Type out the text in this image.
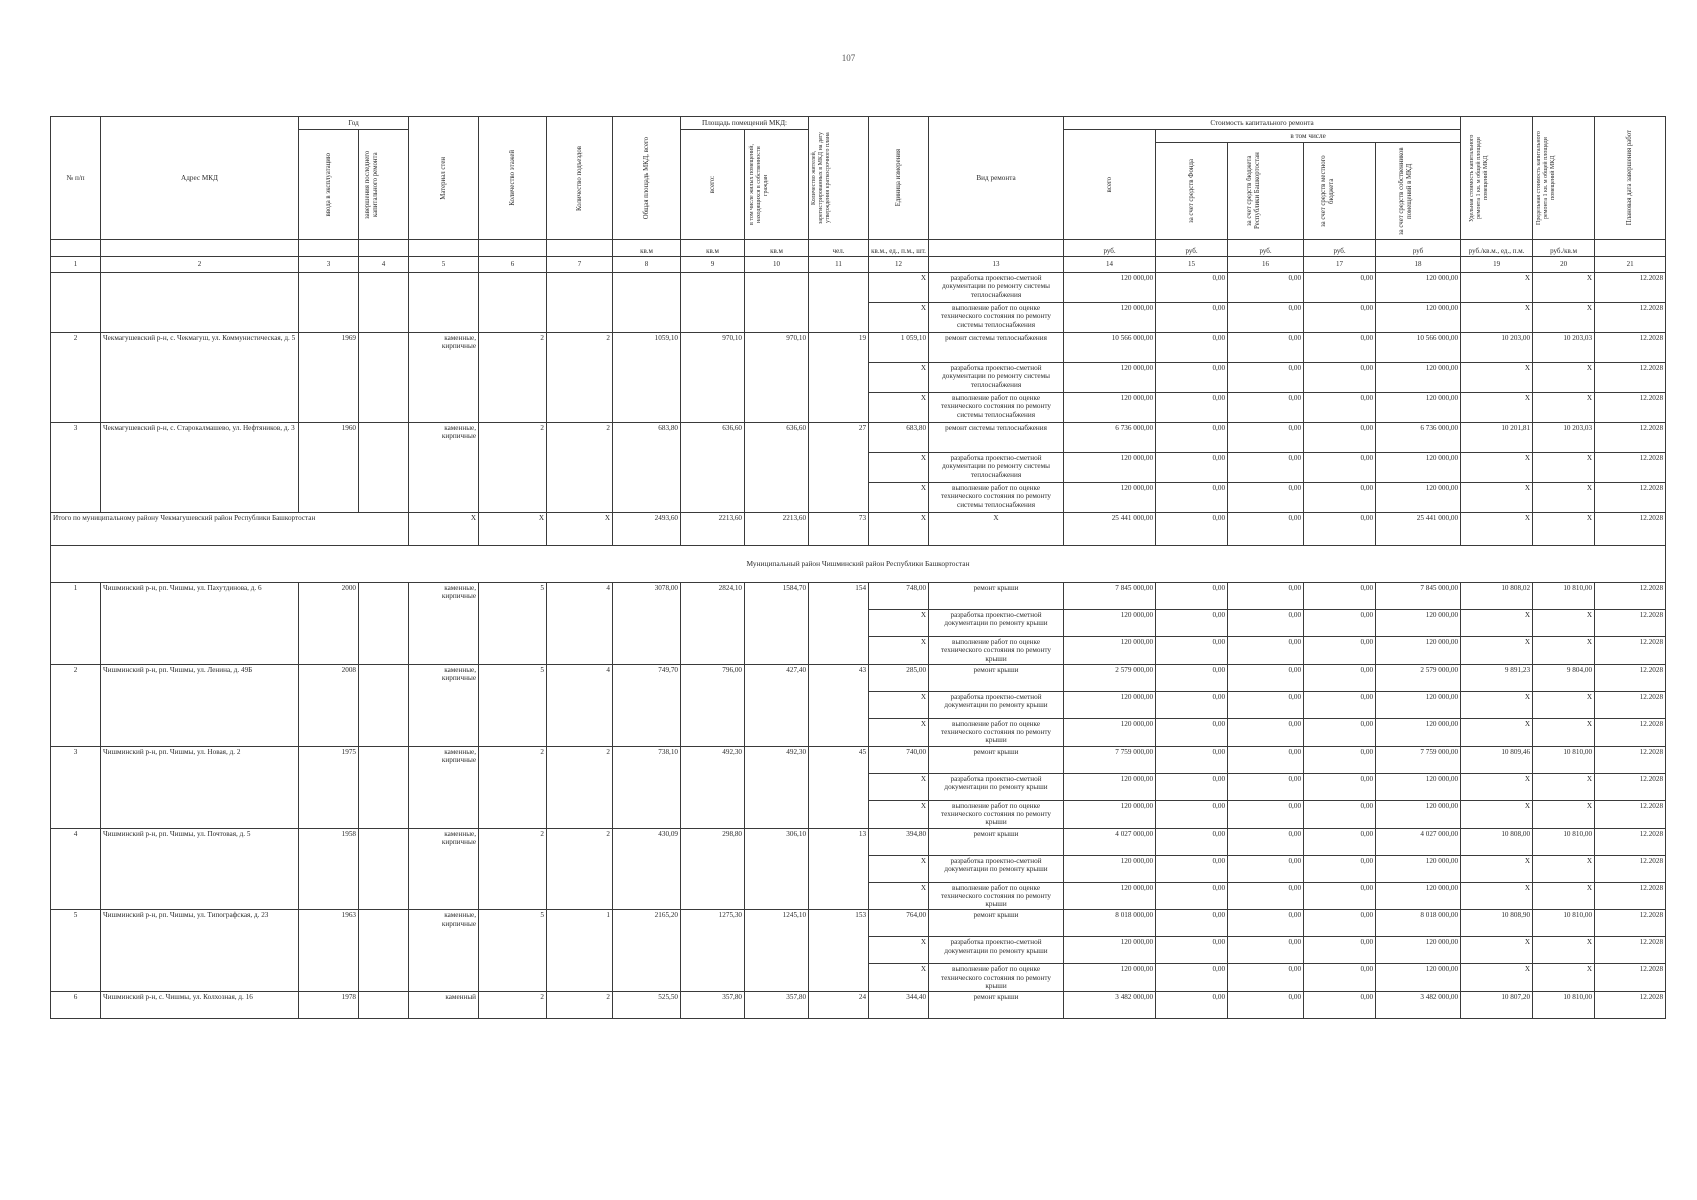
107
№ п/п	Адрес МКД	Год		Материал стен	Количество этажей	Количество подъездов	Общая площадь МКД, всего	Площадь помещений МКД:		Количество жителей, зарегистрированных в МКД на дату утверждения краткосрочного плана	Единица измерения	Вид ремонта	Стоимость капитального ремонта					Удельная стоимость капитального ремонта 1 кв. м общей площади помещений МКД	Предельная стоимость капитального ремонта 1 кв. м общей площади помещений МКД	Плановая дата завершения работ

		ввода в эксплуатацию	завершения последнего капитального ремонта					всего:	в том числе жилых помещений, находящихся в собственности граждан				всего	в том числе						

														за счет средств Фонда	за счет средств бюджета Республики Башкортостан	за счет средств местного бюджета	за счет средств собственников помещений в МКД			

							кв.м	кв.м	кв.м	чел.	кв.м., ед., п.м., шт.		руб.	руб.	руб.	руб.	руб	руб./кв.м., ед., п.м.	руб./кв.м	
1	2	3	4	5	6	7	8	9	10	11	12	13	14	15	16	17	18	19	20	21
											X	разработка проектно-сметной документации по ремонту системы теплоснабжения	120 000,00	0,00	0,00	0,00	120 000,00	X	X	12.2028
											X	выполнение работ по оценке технического состояния по ремонту системы теплоснабжения	120 000,00	0,00	0,00	0,00	120 000,00	X	X	12.2028
2	Чекмагушевский р-н, с. Чекмагуш, ул. Коммунистическая, д. 5	1969		каменные, кирпичные	2	2	1059,10	970,10	970,10	19	1 059,10	ремонт системы теплоснабжения	10 566 000,00	0,00	0,00	0,00	10 566 000,00	10 203,00	10 203,03	12.2028
											X	разработка проектно-сметной документации по ремонту системы теплоснабжения	120 000,00	0,00	0,00	0,00	120 000,00	X	X	12.2028
											X	выполнение работ по оценке технического состояния по ремонту системы теплоснабжения	120 000,00	0,00	0,00	0,00	120 000,00	X	X	12.2028
3	Чекмагушевский р-н, с. Старокалмашево, ул. Нефтяников, д. 3	1960		каменные, кирпичные	2	2	683,80	636,60	636,60	27	683,80	ремонт системы теплоснабжения	6 736 000,00	0,00	0,00	0,00	6 736 000,00	10 201,81	10 203,03	12.2028
											X	разработка проектно-сметной документации по ремонту системы теплоснабжения	120 000,00	0,00	0,00	0,00	120 000,00	X	X	12.2028
											X	выполнение работ по оценке технического состояния по ремонту системы теплоснабжения	120 000,00	0,00	0,00	0,00	120 000,00	X	X	12.2028
Итого по муниципальному району Чекмагушевский район Республики Башкортостан				X	X	X	2493,60	2213,60	2213,60	73	X	X	25 441 000,00	0,00	0,00	0,00	25 441 000,00	X	X	12.2028
Муниципальный район Чишминский район Республики Башкортостан																				
1	Чишминский р-н, рп. Чишмы, ул. Пахутдинова, д. 6	2000		каменные, кирпичные	5	4	3078,00	2824,10	1584,70	154	748,00	ремонт крыши	7 845 000,00	0,00	0,00	0,00	7 845 000,00	10 808,02	10 810,00	12.2028
											X	разработка проектно-сметной документации по ремонту крыши	120 000,00	0,00	0,00	0,00	120 000,00	X	X	12.2028
											X	выполнение работ по оценке технического состояния по ремонту крыши	120 000,00	0,00	0,00	0,00	120 000,00	X	X	12.2028
2	Чишминский р-н, рп. Чишмы, ул. Ленина, д. 49Б	2008		каменные, кирпичные	5	4	749,70	796,00	427,40	43	285,00	ремонт крыши	2 579 000,00	0,00	0,00	0,00	2 579 000,00	9 891,23	9 804,00	12.2028
											X	разработка проектно-сметной документации по ремонту крыши	120 000,00	0,00	0,00	0,00	120 000,00	X	X	12.2028
											X	выполнение работ по оценке технического состояния по ремонту крыши	120 000,00	0,00	0,00	0,00	120 000,00	X	X	12.2028
3	Чишминский р-н, рп. Чишмы, ул. Новая, д. 2	1975		каменные, кирпичные	2	2	738,10	492,30	492,30	45	740,00	ремонт крыши	7 759 000,00	0,00	0,00	0,00	7 759 000,00	10 809,46	10 810,00	12.2028
											X	разработка проектно-сметной документации по ремонту крыши	120 000,00	0,00	0,00	0,00	120 000,00	X	X	12.2028
											X	выполнение работ по оценке технического состояния по ремонту крыши	120 000,00	0,00	0,00	0,00	120 000,00	X	X	12.2028
4	Чишминский р-н, рп. Чишмы, ул. Почтовая, д. 5	1958		каменные, кирпичные	2	2	430,09	298,80	306,10	13	394,80	ремонт крыши	4 027 000,00	0,00	0,00	0,00	4 027 000,00	10 808,00	10 810,00	12.2028
											X	разработка проектно-сметной документации по ремонту крыши	120 000,00	0,00	0,00	0,00	120 000,00	X	X	12.2028
											X	выполнение работ по оценке технического состояния по ремонту крыши	120 000,00	0,00	0,00	0,00	120 000,00	X	X	12.2028
5	Чишминский р-н, рп. Чишмы, ул. Типографская, д. 23	1963		каменные, кирпичные	5	1	2165,20	1275,30	1245,10	153	764,00	ремонт крыши	8 018 000,00	0,00	0,00	0,00	8 018 000,00	10 808,90	10 810,00	12.2028
											X	разработка проектно-сметной документации по ремонту крыши	120 000,00	0,00	0,00	0,00	120 000,00	X	X	12.2028
											X	выполнение работ по оценке технического состояния по ремонту крыши	120 000,00	0,00	0,00	0,00	120 000,00	X	X	12.2028
6	Чишминский р-н, с. Чишмы, ул. Колхозная, д. 16	1978		каменный	2	2	525,50	357,80	357,80	24	344,40	ремонт крыши	3 482 000,00	0,00	0,00	0,00	3 482 000,00	10 807,20	10 810,00	12.2028
